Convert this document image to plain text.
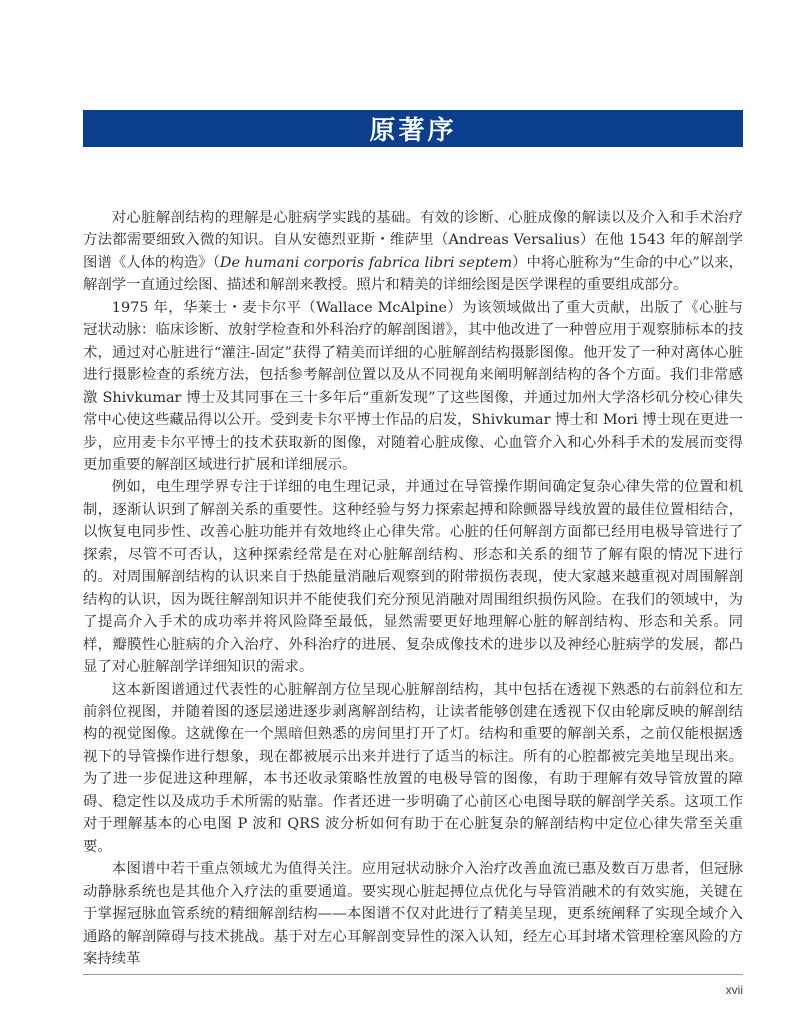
原著序

对心脏解剖结构的理解是心脏病学实践的基础。有效的诊断、心脏成像的解读以及介入和手术治疗方法都需要细致入微的知识。自从安德烈亚斯・维萨里（Andreas Versalius）在他 1543 年的解剖学图谱《人体的构造》（De humani corporis fabrica libri septem）中将心脏称为“生命的中心”以来，解剖学一直通过绘图、描述和解剖来教授。照片和精美的详细绘图是医学课程的重要组成部分。

1975 年，华莱士・麦卡尔平（Wallace McAlpine）为该领域做出了重大贡献，出版了《心脏与冠状动脉：临床诊断、放射学检查和外科治疗的解剖图谱》，其中他改进了一种曾应用于观察肺标本的技术，通过对心脏进行“灌注-固定”获得了精美而详细的心脏解剖结构摄影图像。他开发了一种对离体心脏进行摄影检查的系统方法，包括参考解剖位置以及从不同视角来阐明解剖结构的各个方面。我们非常感激 Shivkumar 博士及其同事在三十多年后“重新发现”了这些图像，并通过加州大学洛杉矶分校心律失常中心使这些藏品得以公开。受到麦卡尔平博士作品的启发，Shivkumar 博士和 Mori 博士现在更进一步，应用麦卡尔平博士的技术获取新的图像，对随着心脏成像、心血管介入和心外科手术的发展而变得更加重要的解剖区域进行扩展和详细展示。

例如，电生理学界专注于详细的电生理记录，并通过在导管操作期间确定复杂心律失常的位置和机制，逐渐认识到了解剖关系的重要性。这种经验与努力探索起搏和除颤器导线放置的最佳位置相结合，以恢复电同步性、改善心脏功能并有效地终止心律失常。心脏的任何解剖方面都已经用电极导管进行了探索，尽管不可否认，这种探索经常是在对心脏解剖结构、形态和关系的细节了解有限的情况下进行的。对周围解剖结构的认识来自于热能量消融后观察到的附带损伤表现，使大家越来越重视对周围解剖结构的认识，因为既往解剖知识并不能使我们充分预见消融对周围组织损伤风险。在我们的领域中，为了提高介入手术的成功率并将风险降至最低，显然需要更好地理解心脏的解剖结构、形态和关系。同样，瓣膜性心脏病的介入治疗、外科治疗的进展、复杂成像技术的进步以及神经心脏病学的发展，都凸显了对心脏解剖学详细知识的需求。

这本新图谱通过代表性的心脏解剖方位呈现心脏解剖结构，其中包括在透视下熟悉的右前斜位和左前斜位视图，并随着图的逐层递进逐步剥离解剖结构，让读者能够创建在透视下仅由轮廓反映的解剖结构的视觉图像。这就像在一个黑暗但熟悉的房间里打开了灯。结构和重要的解剖关系，之前仅能根据透视下的导管操作进行想象，现在都被展示出来并进行了适当的标注。所有的心腔都被完美地呈现出来。为了进一步促进这种理解，本书还收录策略性放置的电极导管的图像，有助于理解有效导管放置的障碍、稳定性以及成功手术所需的贴靠。作者还进一步明确了心前区心电图导联的解剖学关系。这项工作对于理解基本的心电图 P 波和 QRS 波分析如何有助于在心脏复杂的解剖结构中定位心律失常至关重要。

本图谱中若干重点领域尤为值得关注。应用冠状动脉介入治疗改善血流已惠及数百万患者，但冠脉动静脉系统也是其他介入疗法的重要通道。要实现心脏起搏位点优化与导管消融术的有效实施，关键在于掌握冠脉血管系统的精细解剖结构——本图谱不仅对此进行了精美呈现，更系统阐释了实现全域介入通路的解剖障碍与技术挑战。基于对左心耳解剖变异性的深入认知，经左心耳封堵术管理栓塞风险的方案持续革

xvii
